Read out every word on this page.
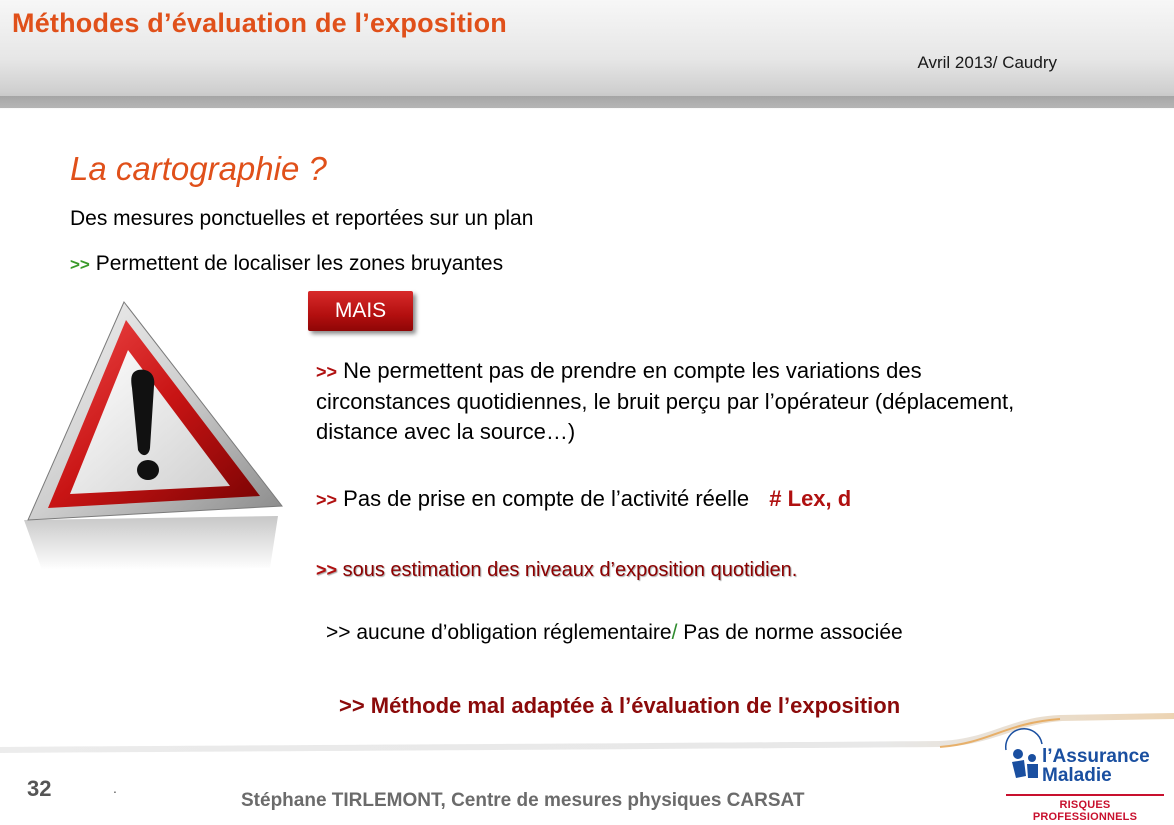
Méthodes d’évaluation de l’exposition
Avril 2013/ Caudry
La cartographie ?
Des mesures ponctuelles et reportées sur un plan
>> Permettent de localiser les zones bruyantes
MAIS
>> Ne permettent pas de prendre en compte les variations des circonstances quotidiennes, le bruit perçu par l’opérateur (déplacement, distance avec la source…)
>> Pas de prise en compte de l’activité réelle # Lex, d
>> sous estimation des niveaux d’exposition quotidien.
>> aucune d’obligation réglementaire/ Pas de norme associée
>> Méthode mal adaptée à l’évaluation de l’exposition
32	.
Stéphane TIRLEMONT, Centre de mesures physiques CARSAT
l’Assurance
Maladie
RISQUES PROFESSIONNELS
